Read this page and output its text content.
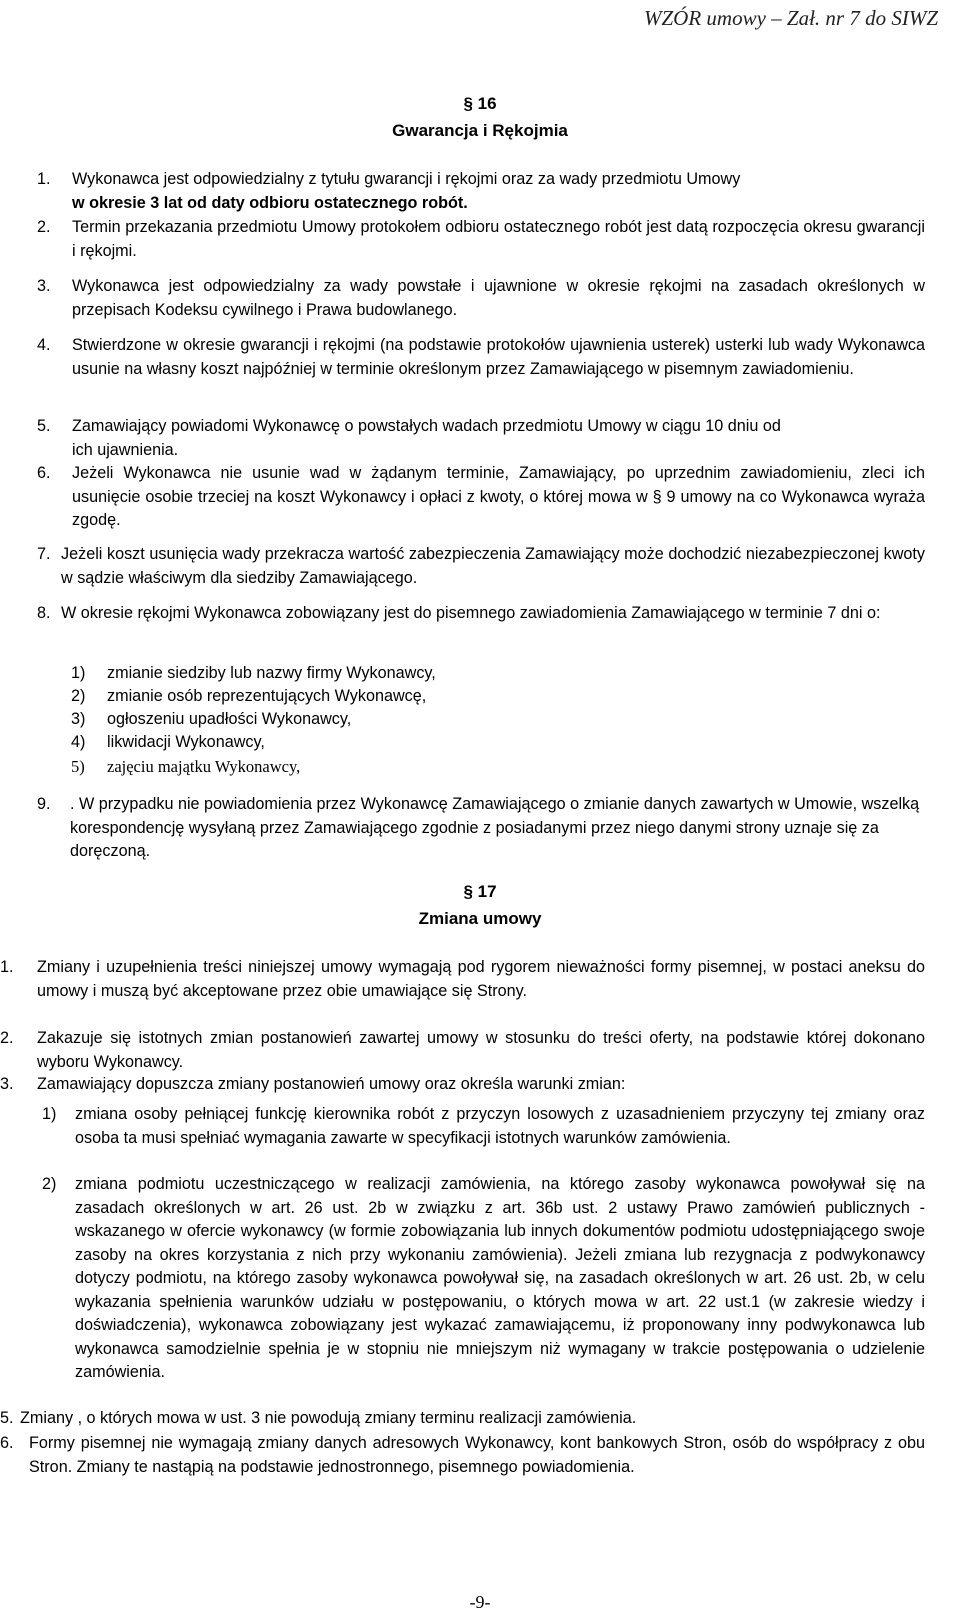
WZÓR umowy – Zał. nr 7 do SIWZ
§ 16
Gwarancja i Rękojmia
1.	Wykonawca jest odpowiedzialny z tytułu gwarancji i rękojmi oraz za wady przedmiotu Umowy
w okresie 3 lat od daty odbioru ostatecznego robót.
2.	Termin przekazania przedmiotu Umowy protokołem odbioru ostatecznego robót jest datą rozpoczęcia okresu gwarancji i rękojmi.
3.	Wykonawca jest odpowiedzialny za wady powstałe i ujawnione w okresie rękojmi na zasadach określonych w przepisach Kodeksu cywilnego i Prawa budowlanego.
4.	Stwierdzone w okresie gwarancji i rękojmi (na podstawie protokołów ujawnienia usterek) usterki lub wady Wykonawca usunie na własny koszt najpóźniej w terminie określonym przez Zamawiającego w pisemnym zawiadomieniu.
5.	Zamawiający powiadomi Wykonawcę o powstałych wadach przedmiotu Umowy w ciągu 10 dniu od ich ujawnienia.
6.	Jeżeli Wykonawca nie usunie wad w żądanym terminie, Zamawiający, po uprzednim zawiadomieniu, zleci ich usunięcie osobie trzeciej na koszt Wykonawcy i opłaci z kwoty, o której mowa w § 9 umowy na co Wykonawca wyraża zgodę.
7. Jeżeli koszt usunięcia wady przekracza wartość zabezpieczenia Zamawiający może dochodzić niezabezpieczonej kwoty w sądzie właściwym dla siedziby Zamawiającego.
8. W okresie rękojmi Wykonawca zobowiązany jest do pisemnego zawiadomienia Zamawiającego w terminie 7 dni o:
1)	zmianie siedziby lub nazwy firmy Wykonawcy,
2)	zmianie osób reprezentujących Wykonawcę,
3)	ogłoszeniu upadłości Wykonawcy,
4)	likwidacji Wykonawcy,
5)	zajęciu majątku Wykonawcy,
9.	. W przypadku nie powiadomienia przez Wykonawcę Zamawiającego o zmianie danych zawartych w Umowie, wszelką korespondencję wysyłaną przez Zamawiającego zgodnie z posiadanymi przez niego danymi strony uznaje się za doręczoną.
§ 17
Zmiana umowy
1.	Zmiany i uzupełnienia treści niniejszej umowy wymagają pod rygorem nieważności formy pisemnej, w postaci aneksu do umowy i muszą być akceptowane przez obie umawiające się Strony.
2.	Zakazuje się istotnych zmian postanowień zawartej umowy w stosunku do treści oferty, na podstawie której dokonano wyboru Wykonawcy.
3.	Zamawiający dopuszcza zmiany postanowień umowy oraz określa warunki zmian:
1)	zmiana osoby pełniącej funkcję kierownika robót z przyczyn losowych z uzasadnieniem przyczyny tej zmiany oraz osoba ta musi spełniać wymagania zawarte w specyfikacji istotnych warunków zamówienia.
2)	zmiana podmiotu uczestniczącego w realizacji zamówienia, na którego zasoby wykonawca powoływał się na zasadach określonych w art. 26 ust. 2b w związku z art. 36b ust. 2 ustawy Prawo zamówień publicznych - wskazanego w ofercie wykonawcy (w formie zobowiązania lub innych dokumentów podmiotu udostępniającego swoje zasoby na okres korzystania z nich przy wykonaniu zamówienia). Jeżeli zmiana lub rezygnacja z podwykonawcy dotyczy podmiotu, na którego zasoby wykonawca powoływał się, na zasadach określonych w art. 26 ust. 2b, w celu wykazania spełnienia warunków udziału w postępowaniu, o których mowa w art. 22 ust.1 (w zakresie wiedzy i doświadczenia), wykonawca zobowiązany jest wykazać zamawiającemu, iż proponowany inny podwykonawca lub wykonawca samodzielnie spełnia je w stopniu nie mniejszym niż wymagany w trakcie postępowania o udzielenie zamówienia.
5. Zmiany , o których mowa w ust. 3 nie powodują zmiany terminu realizacji zamówienia.
6. Formy pisemnej nie wymagają zmiany danych adresowych Wykonawcy, kont bankowych Stron, osób do współpracy z obu Stron. Zmiany te nastąpią na podstawie jednostronnego, pisemnego powiadomienia.
-9-
